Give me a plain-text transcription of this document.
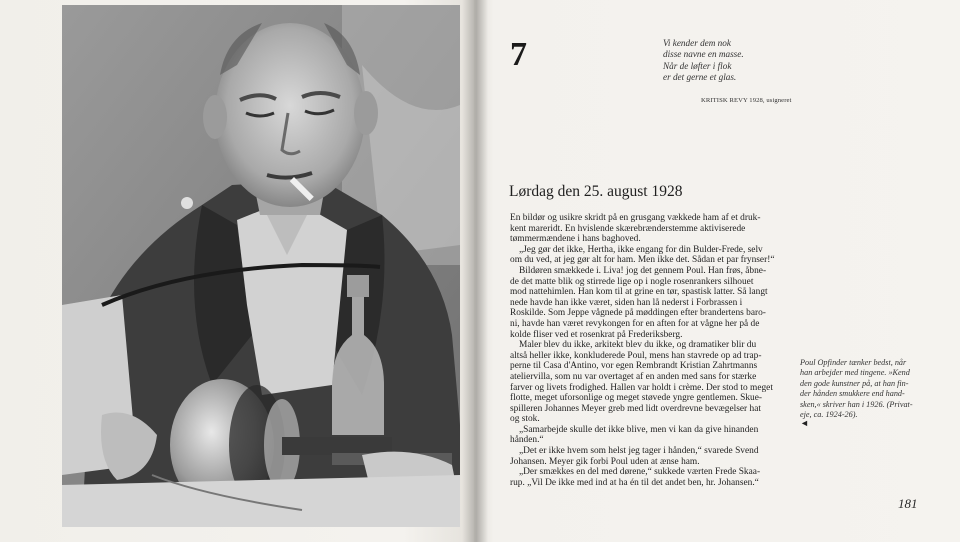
7	Vi kender dem nok
disse navne en masse.
Når de løfter i flok
er det gerne et glas.
KRITISK REVY 1928, usigneret
Lørdag den 25. august 1928
En bildør og usikre skridt på en grusgang vækkede ham af et druk-
kent mareridt. En hvislende skærebrænderstemme aktiviserede
tømmermændene i hans baghoved.
„Jeg gør det ikke, Hertha, ikke engang for din Bulder-Frede, selv
om du ved, at jeg gør alt for ham. Men ikke det. Sådan et par frynser!“
Bildøren smækkede i. Liva! jog det gennem Poul. Han frøs, åbne-
de det matte blik og stirrede lige op i nogle rosenrankers silhouet
mod nattehimlen. Han kom til at grine en tør, spastisk latter. Så langt
nede havde han ikke været, siden han lå nederst i Forbrassen i
Roskilde. Som Jeppe vågnede på møddingen efter brandertens baro-
ni, havde han været revykongen for en aften for at vågne her på de
kolde fliser ved et rosenkrat på Frederiksberg.
Maler blev du ikke, arkitekt blev du ikke, og dramatiker blir du
altså heller ikke, konkluderede Poul, mens han stavrede op ad trap-
perne til Casa d'Antino, vor egen Rembrandt Kristian Zahrtmanns
ateliervilla, som nu var overtaget af en anden med sans for stærke
farver og livets frodighed. Hallen var holdt i crème. Der stod to meget
flotte, meget uforsonlige og meget støvede yngre gentlemen. Skue-
spilleren Johannes Meyer greb med lidt overdrevne bevægelser hat
og stok.
„Samarbejde skulle det ikke blive, men vi kan da give hinanden
hånden.“
„Det er ikke hvem som helst jeg tager i hånden,“ svarede Svend
Johansen. Meyer gik forbi Poul uden at ænse ham.
„Der smækkes en del med dørene,“ sukkede værten Frede Skaa-
rup. „Vil De ikke med ind at ha én til det andet ben, hr. Johansen.“
Poul Opfinder tænker bedst, når
han arbejder med tingene. »Kend
den gode kunstner på, at han fin-
der hånden smukkere end hand-
sken,« skriver han i 1926. (Privat-
eje, ca. 1924-26).
◄
181
